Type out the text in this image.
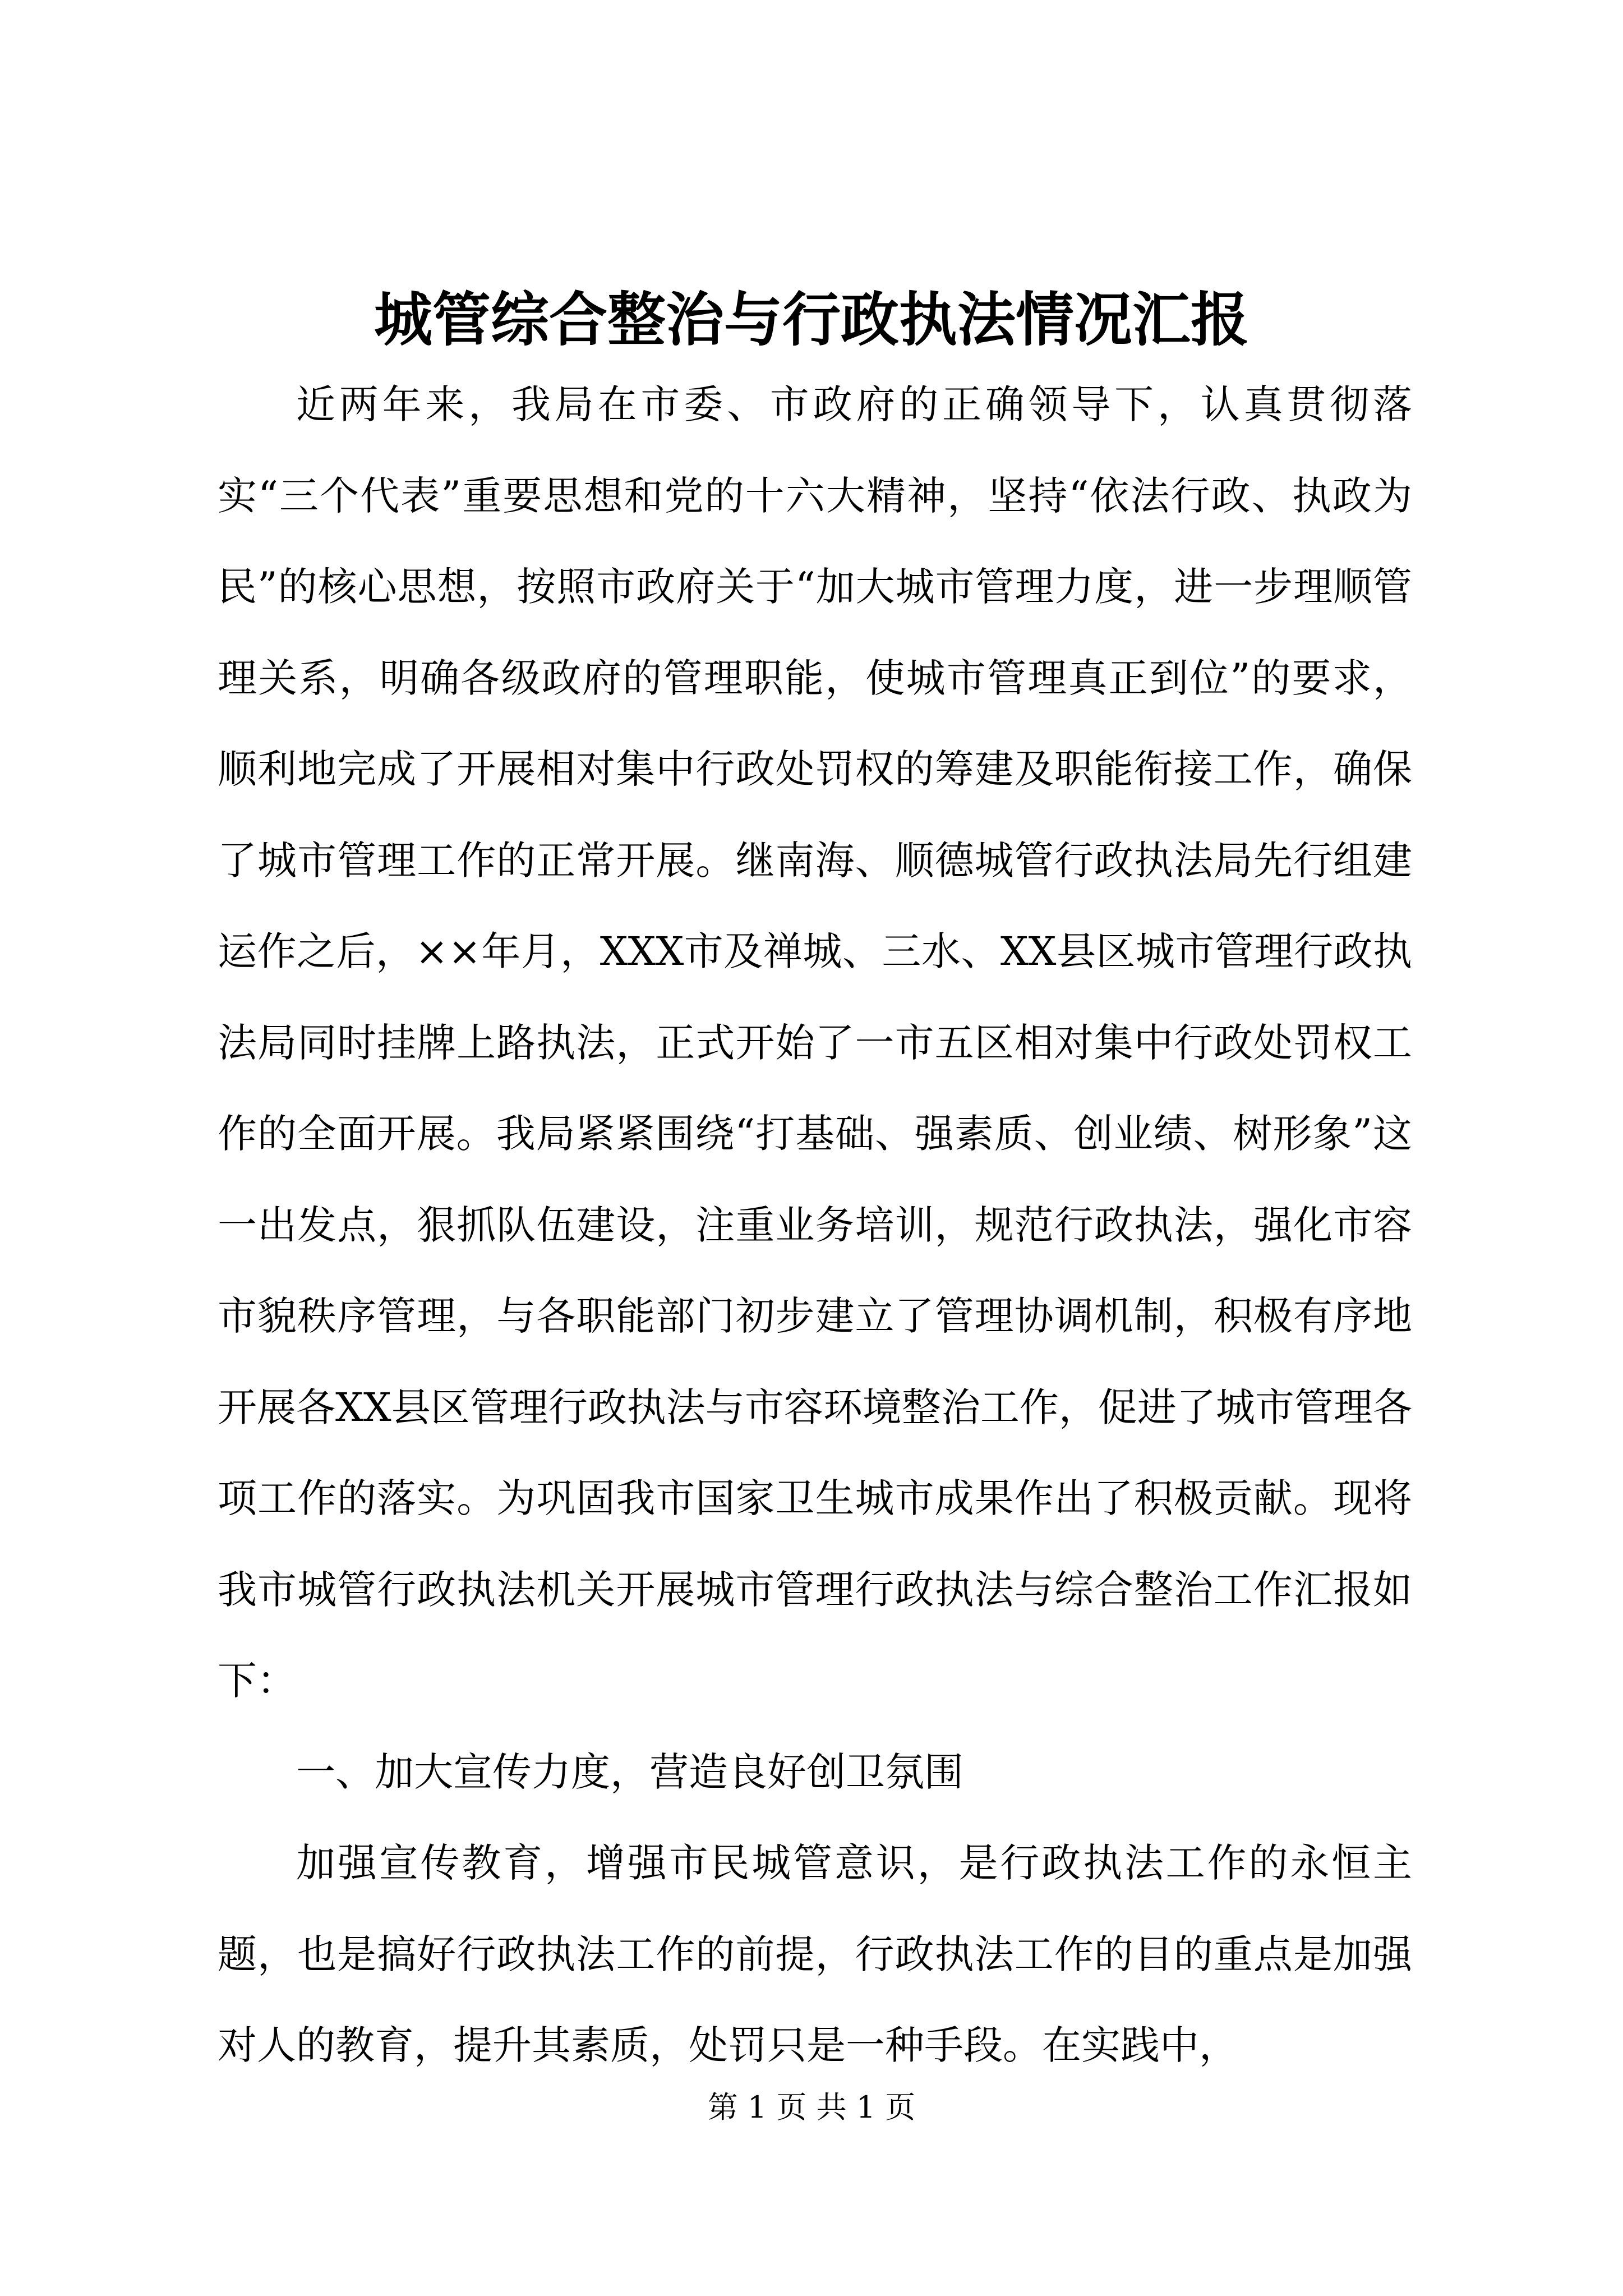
城管综合整治与行政执法情况汇报

近两年来，我局在市委、市政府的正确领导下，认真贯彻落实“三个代表”重要思想和党的十六大精神，坚持“依法行政、执政为民”的核心思想，按照市政府关于“加大城市管理力度，进一步理顺管理关系，明确各级政府的管理职能，使城市管理真正到位”的要求，顺利地完成了开展相对集中行政处罚权的筹建及职能衔接工作，确保了城市管理工作的正常开展。继南海、顺德城管行政执法局先行组建运作之后，××年月，XXX市及禅城、三水、XX县区城市管理行政执法局同时挂牌上路执法，正式开始了一市五区相对集中行政处罚权工作的全面开展。我局紧紧围绕“打基础、强素质、创业绩、树形象”这一出发点，狠抓队伍建设，注重业务培训，规范行政执法，强化市容市貌秩序管理，与各职能部门初步建立了管理协调机制，积极有序地开展各XX县区管理行政执法与市容环境整治工作，促进了城市管理各项工作的落实。为巩固我市国家卫生城市成果作出了积极贡献。现将我市城管行政执法机关开展城市管理行政执法与综合整治工作汇报如下：

一、加大宣传力度，营造良好创卫氛围

加强宣传教育，增强市民城管意识，是行政执法工作的永恒主题，也是搞好行政执法工作的前提，行政执法工作的目的重点是加强对人的教育，提升其素质，处罚只是一种手段。在实践中，

第 1 页 共 1 页
